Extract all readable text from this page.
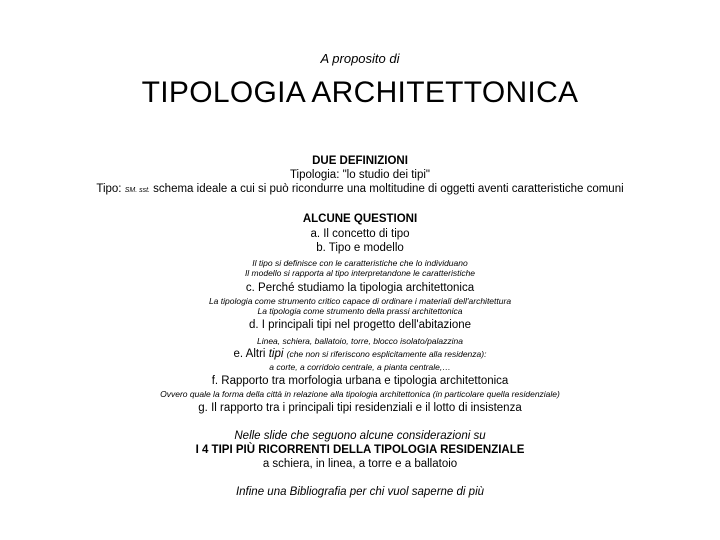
A proposito di
TIPOLOGIA ARCHITETTONICA
DUE DEFINIZIONI
Tipologia: "lo studio dei tipi"
Tipo: SM. sst. schema ideale a cui si può ricondurre una moltitudine di oggetti aventi caratteristiche comuni
ALCUNE QUESTIONI
a. Il concetto di tipo
b. Tipo e modello
Il tipo si definisce con le caratteristiche che lo individuano
Il modello si rapporta al tipo interpretandone le caratteristiche
c. Perché studiamo la tipologia architettonica
La tipologia come strumento critico capace di ordinare i materiali dell'architettura
La tipologia come strumento della prassi architettonica
d. I principali tipi nel progetto dell'abitazione
Linea, schiera, ballatoio, torre, blocco isolato/palazzina
e. Altri tipi (che non si riferiscono esplicitamente alla residenza):
a corte, a corridoio centrale, a pianta centrale,…
f. Rapporto tra morfologia urbana e tipologia architettonica
Ovvero quale la forma della città in relazione alla tipologia architettonica (in particolare quella residenziale)
g. Il rapporto tra i principali tipi residenziali e il lotto di insistenza
Nelle slide che seguono alcune considerazioni su
I 4 TIPI PIÙ RICORRENTI DELLA TIPOLOGIA RESIDENZIALE
a schiera, in linea, a torre e a ballatoio
Infine una Bibliografia per chi vuol saperne di più
